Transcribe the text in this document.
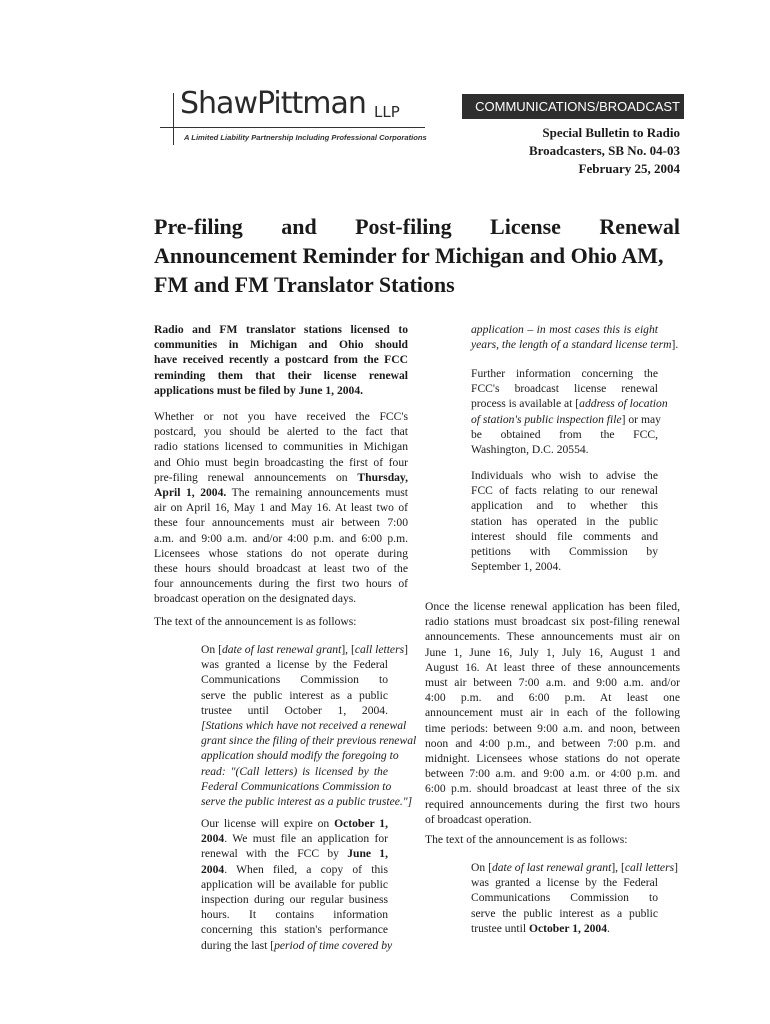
ShawPittman LLP
A Limited Liability Partnership Including Professional Corporations
COMMUNICATIONS/BROADCAST
Special Bulletin to Radio
Broadcasters, SB No. 04-03
February 25, 2004
Pre-filing and Post-filing License Renewal
Announcement Reminder for Michigan and Ohio AM,
FM and FM Translator Stations
Radio and FM translator stations licensed to
communities in Michigan and Ohio should
have received recently a postcard from the FCC
reminding them that their license renewal
applications must be filed by June 1, 2004.
Whether or not you have received the FCC's
postcard, you should be alerted to the fact that
radio stations licensed to communities in Michigan
and Ohio must begin broadcasting the first of four
pre-filing renewal announcements on Thursday,
April 1, 2004. The remaining announcements must
air on April 16, May 1 and May 16. At least two of
these four announcements must air between 7:00
a.m. and 9:00 a.m. and/or 4:00 p.m. and 6:00 p.m.
Licensees whose stations do not operate during
these hours should broadcast at least two of the
four announcements during the first two hours of
broadcast operation on the designated days.
The text of the announcement is as follows:
On [date of last renewal grant], [call letters]
was granted a license by the Federal
Communications Commission to
serve the public interest as a public
trustee until October 1, 2004.
[Stations which have not received a renewal
grant since the filing of their previous renewal
application should modify the foregoing to
read: "(Call letters) is licensed by the
Federal Communications Commission to
serve the public interest as a public trustee."]
Our license will expire on October 1,
2004. We must file an application for
renewal with the FCC by June 1,
2004. When filed, a copy of this
application will be available for public
inspection during our regular business
hours. It contains information
concerning this station's performance
during the last [period of time covered by
application – in most cases this is eight
years, the length of a standard license term].
Further information concerning the
FCC's broadcast license renewal
process is available at [address of location
of station's public inspection file] or may
be obtained from the FCC,
Washington, D.C. 20554.
Individuals who wish to advise the
FCC of facts relating to our renewal
application and to whether this
station has operated in the public
interest should file comments and
petitions with Commission by
September 1, 2004.
Once the license renewal application has been filed,
radio stations must broadcast six post-filing renewal
announcements. These announcements must air on
June 1, June 16, July 1, July 16, August 1 and
August 16. At least three of these announcements
must air between 7:00 a.m. and 9:00 a.m. and/or
4:00 p.m. and 6:00 p.m. At least one
announcement must air in each of the following
time periods: between 9:00 a.m. and noon, between
noon and 4:00 p.m., and between 7:00 p.m. and
midnight. Licensees whose stations do not operate
between 7:00 a.m. and 9:00 a.m. or 4:00 p.m. and
6:00 p.m. should broadcast at least three of the six
required announcements during the first two hours
of broadcast operation.
The text of the announcement is as follows:
On [date of last renewal grant], [call letters]
was granted a license by the Federal
Communications Commission to
serve the public interest as a public
trustee until October 1, 2004.
